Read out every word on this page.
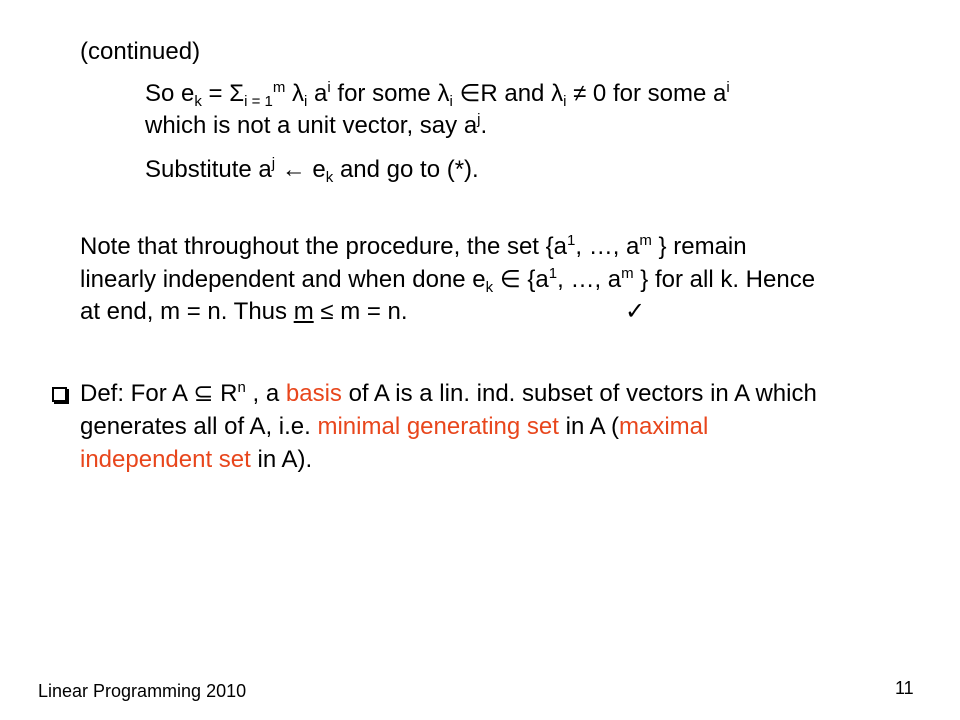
(continued)
So $e_k = \Sigma_{i = 1}^m$ $\lambda_i$ $a^i$ for some $\lambda_i$ ∈R and $\lambda_i \ne 0$ for some $a^i$
which is not a unit vector, say $a^j$.
Substitute $a^j$ ← $e_k$ and go to (*).
Note that throughout the procedure, the set {$a^1$, …, $a^m$ } remain
linearly independent and when done $e_k$ ∈ {$a^1$, …, $a^m$ } for all k. Hence
at end, m = n. Thus m ≤ m = n.	✓
Def: For A ⊆ $R^n$ , a basis of A is a lin. ind. subset of vectors in A which
generates all of A, i.e. minimal generating set in A (maximal
independent set in A).
Linear Programming 2010	11
